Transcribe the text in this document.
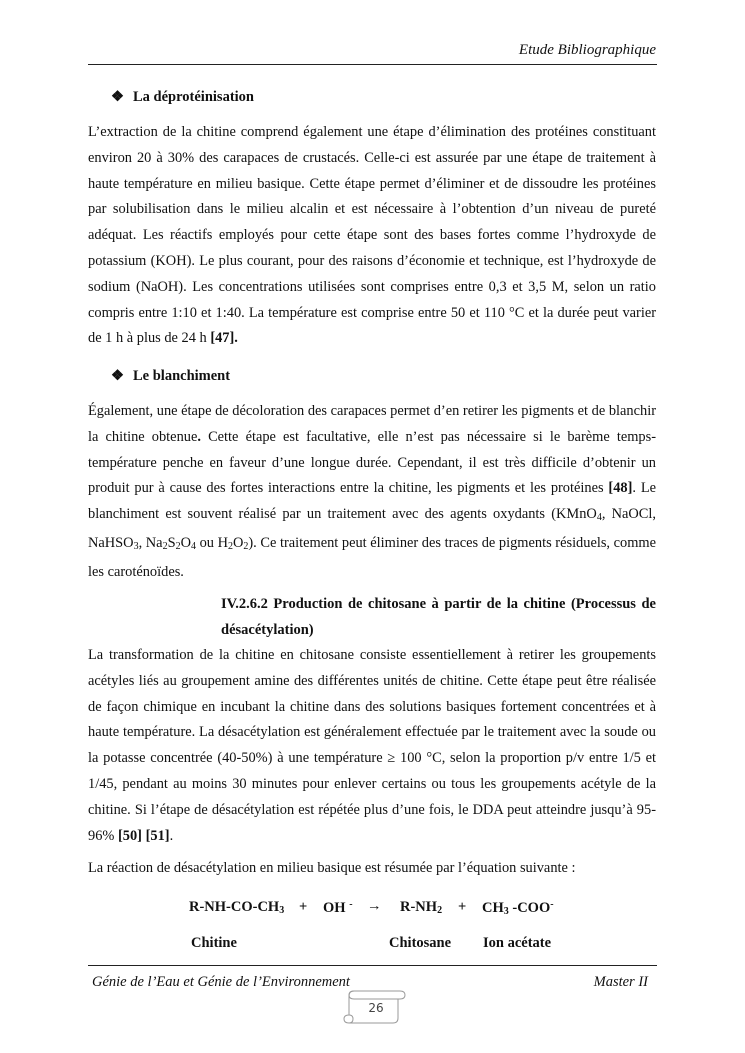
Etude Bibliographique
❖ La déprotéinisation
L’extraction de la chitine comprend également une étape d’élimination des protéines constituant environ 20 à 30% des carapaces de crustacés. Celle-ci est assurée par une étape de traitement à haute température en milieu basique. Cette étape permet d’éliminer et de dissoudre les protéines par solubilisation dans le milieu alcalin et est nécessaire à l’obtention d’un niveau de pureté adéquat. Les réactifs employés pour cette étape sont des bases fortes comme l’hydroxyde de potassium (KOH). Le plus courant, pour des raisons d’économie et technique, est l’hydroxyde de sodium (NaOH). Les concentrations utilisées sont comprises entre 0,3 et 3,5 M, selon un ratio compris entre 1:10 et 1:40. La température est comprise entre 50 et 110 °C et la durée peut varier de 1 h à plus de 24 h [47].
❖ Le blanchiment
Également, une étape de décoloration des carapaces permet d’en retirer les pigments et de blanchir la chitine obtenue. Cette étape est facultative, elle n’est pas nécessaire si le barème temps-température penche en faveur d’une longue durée. Cependant, il est très difficile d’obtenir un produit pur à cause des fortes interactions entre la chitine, les pigments et les protéines [48]. Le blanchiment est souvent réalisé par un traitement avec des agents oxydants (KMnO$_4$, NaOCl, NaHSO$_3$, $Na_2S_2O_4$ ou $H_2O_2$). Ce traitement peut éliminer des traces de pigments résiduels, comme les caroténoïdes.
IV.2.6.2 Production de chitosane à partir de la chitine (Processus de désacétylation)
La transformation de la chitine en chitosane consiste essentiellement à retirer les groupements acétyles liés au groupement amine des différentes unités de chitine. Cette étape peut être réalisée de façon chimique en incubant la chitine dans des solutions basiques fortement concentrées et à haute température. La désacétylation est généralement effectuée par le traitement avec la soude ou la potasse concentrée (40-50%) à une température ≥ 100 °C, selon la proportion p/v entre 1/5 et 1/45, pendant au moins 30 minutes pour enlever certains ou tous les groupements acétyle de la chitine. Si l’étape de désacétylation est répétée plus d’une fois, le DDA peut atteindre jusqu’à 95-96% [50] [51].
La réaction de désacétylation en milieu basique est résumée par l’équation suivante :
$R-NH-CO-CH_3$ + OH $^- \to R-NH_2 + CH_3$ -COO-
Chitine	Chitosane Ion acétate
Génie de l’Eau et Génie de l’Environnement	Master II
26
